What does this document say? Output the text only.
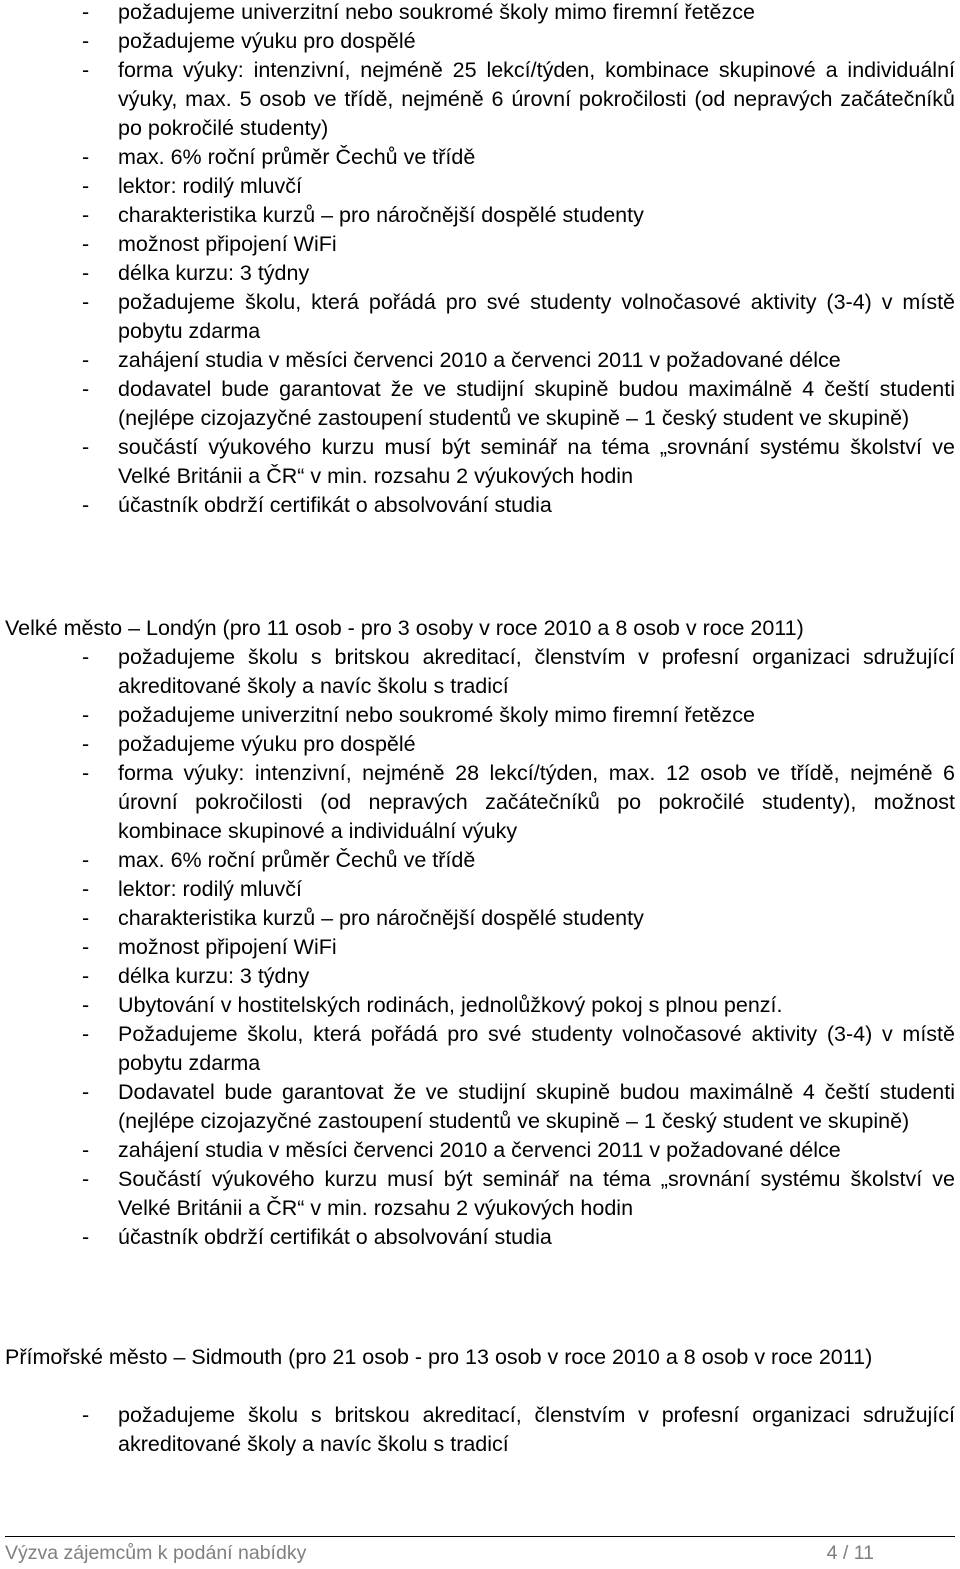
- požadujeme univerzitní nebo soukromé školy mimo firemní řetězce
- požadujeme výuku pro dospělé
- forma výuky: intenzivní, nejméně 25 lekcí/týden, kombinace skupinové a individuální výuky, max. 5 osob ve třídě, nejméně 6 úrovní pokročilosti (od nepravých začátečníků po pokročilé studenty)
- max. 6% roční průměr Čechů ve třídě
- lektor: rodilý mluvčí
- charakteristika kurzů – pro náročnější dospělé studenty
- možnost připojení WiFi
- délka kurzu: 3 týdny
- požadujeme školu, která pořádá pro své studenty volnočasové aktivity (3-4) v místě pobytu zdarma
- zahájení studia v měsíci červenci 2010 a červenci 2011 v požadované délce
- dodavatel bude garantovat že ve studijní skupině budou maximálně 4 čeští studenti (nejlépe cizojazyčné zastoupení studentů ve skupině – 1 český student ve skupině)
- součástí výukového kurzu musí být seminář na téma „srovnání systému školství ve Velké Británii a ČR“ v min. rozsahu 2 výukových hodin
- účastník obdrží certifikát o absolvování studia
Velké město – Londýn (pro 11 osob - pro 3 osoby v roce 2010 a 8 osob v roce 2011)
- požadujeme školu s britskou akreditací, členstvím v profesní organizaci sdružující akreditované školy a navíc školu s tradicí
- požadujeme univerzitní nebo soukromé školy mimo firemní řetězce
- požadujeme výuku pro dospělé
- forma výuky: intenzivní, nejméně 28 lekcí/týden, max. 12 osob ve třídě, nejméně 6 úrovní pokročilosti (od nepravých začátečníků po pokročilé studenty), možnost kombinace skupinové a individuální výuky
- max. 6% roční průměr Čechů ve třídě
- lektor: rodilý mluvčí
- charakteristika kurzů – pro náročnější dospělé studenty
- možnost připojení WiFi
- délka kurzu: 3 týdny
- Ubytování v hostitelských rodinách, jednolůžkový pokoj s plnou penzí.
- Požadujeme školu, která pořádá pro své studenty volnočasové aktivity (3-4) v místě pobytu zdarma
- Dodavatel bude garantovat že ve studijní skupině budou maximálně 4 čeští studenti (nejlépe cizojazyčné zastoupení studentů ve skupině – 1 český student ve skupině)
- zahájení studia v měsíci červenci 2010 a červenci 2011 v požadované délce
- Součástí výukového kurzu musí být seminář na téma „srovnání systému školství ve Velké Británii a ČR“ v min. rozsahu 2 výukových hodin
- účastník obdrží certifikát o absolvování studia
Přímořské město – Sidmouth (pro 21 osob - pro 13 osob v roce 2010 a 8 osob v roce 2011)
- požadujeme školu s britskou akreditací, členstvím v profesní organizaci sdružující akreditované školy a navíc školu s tradicí
Výzva zájemcům k podání nabídky	4 / 11
